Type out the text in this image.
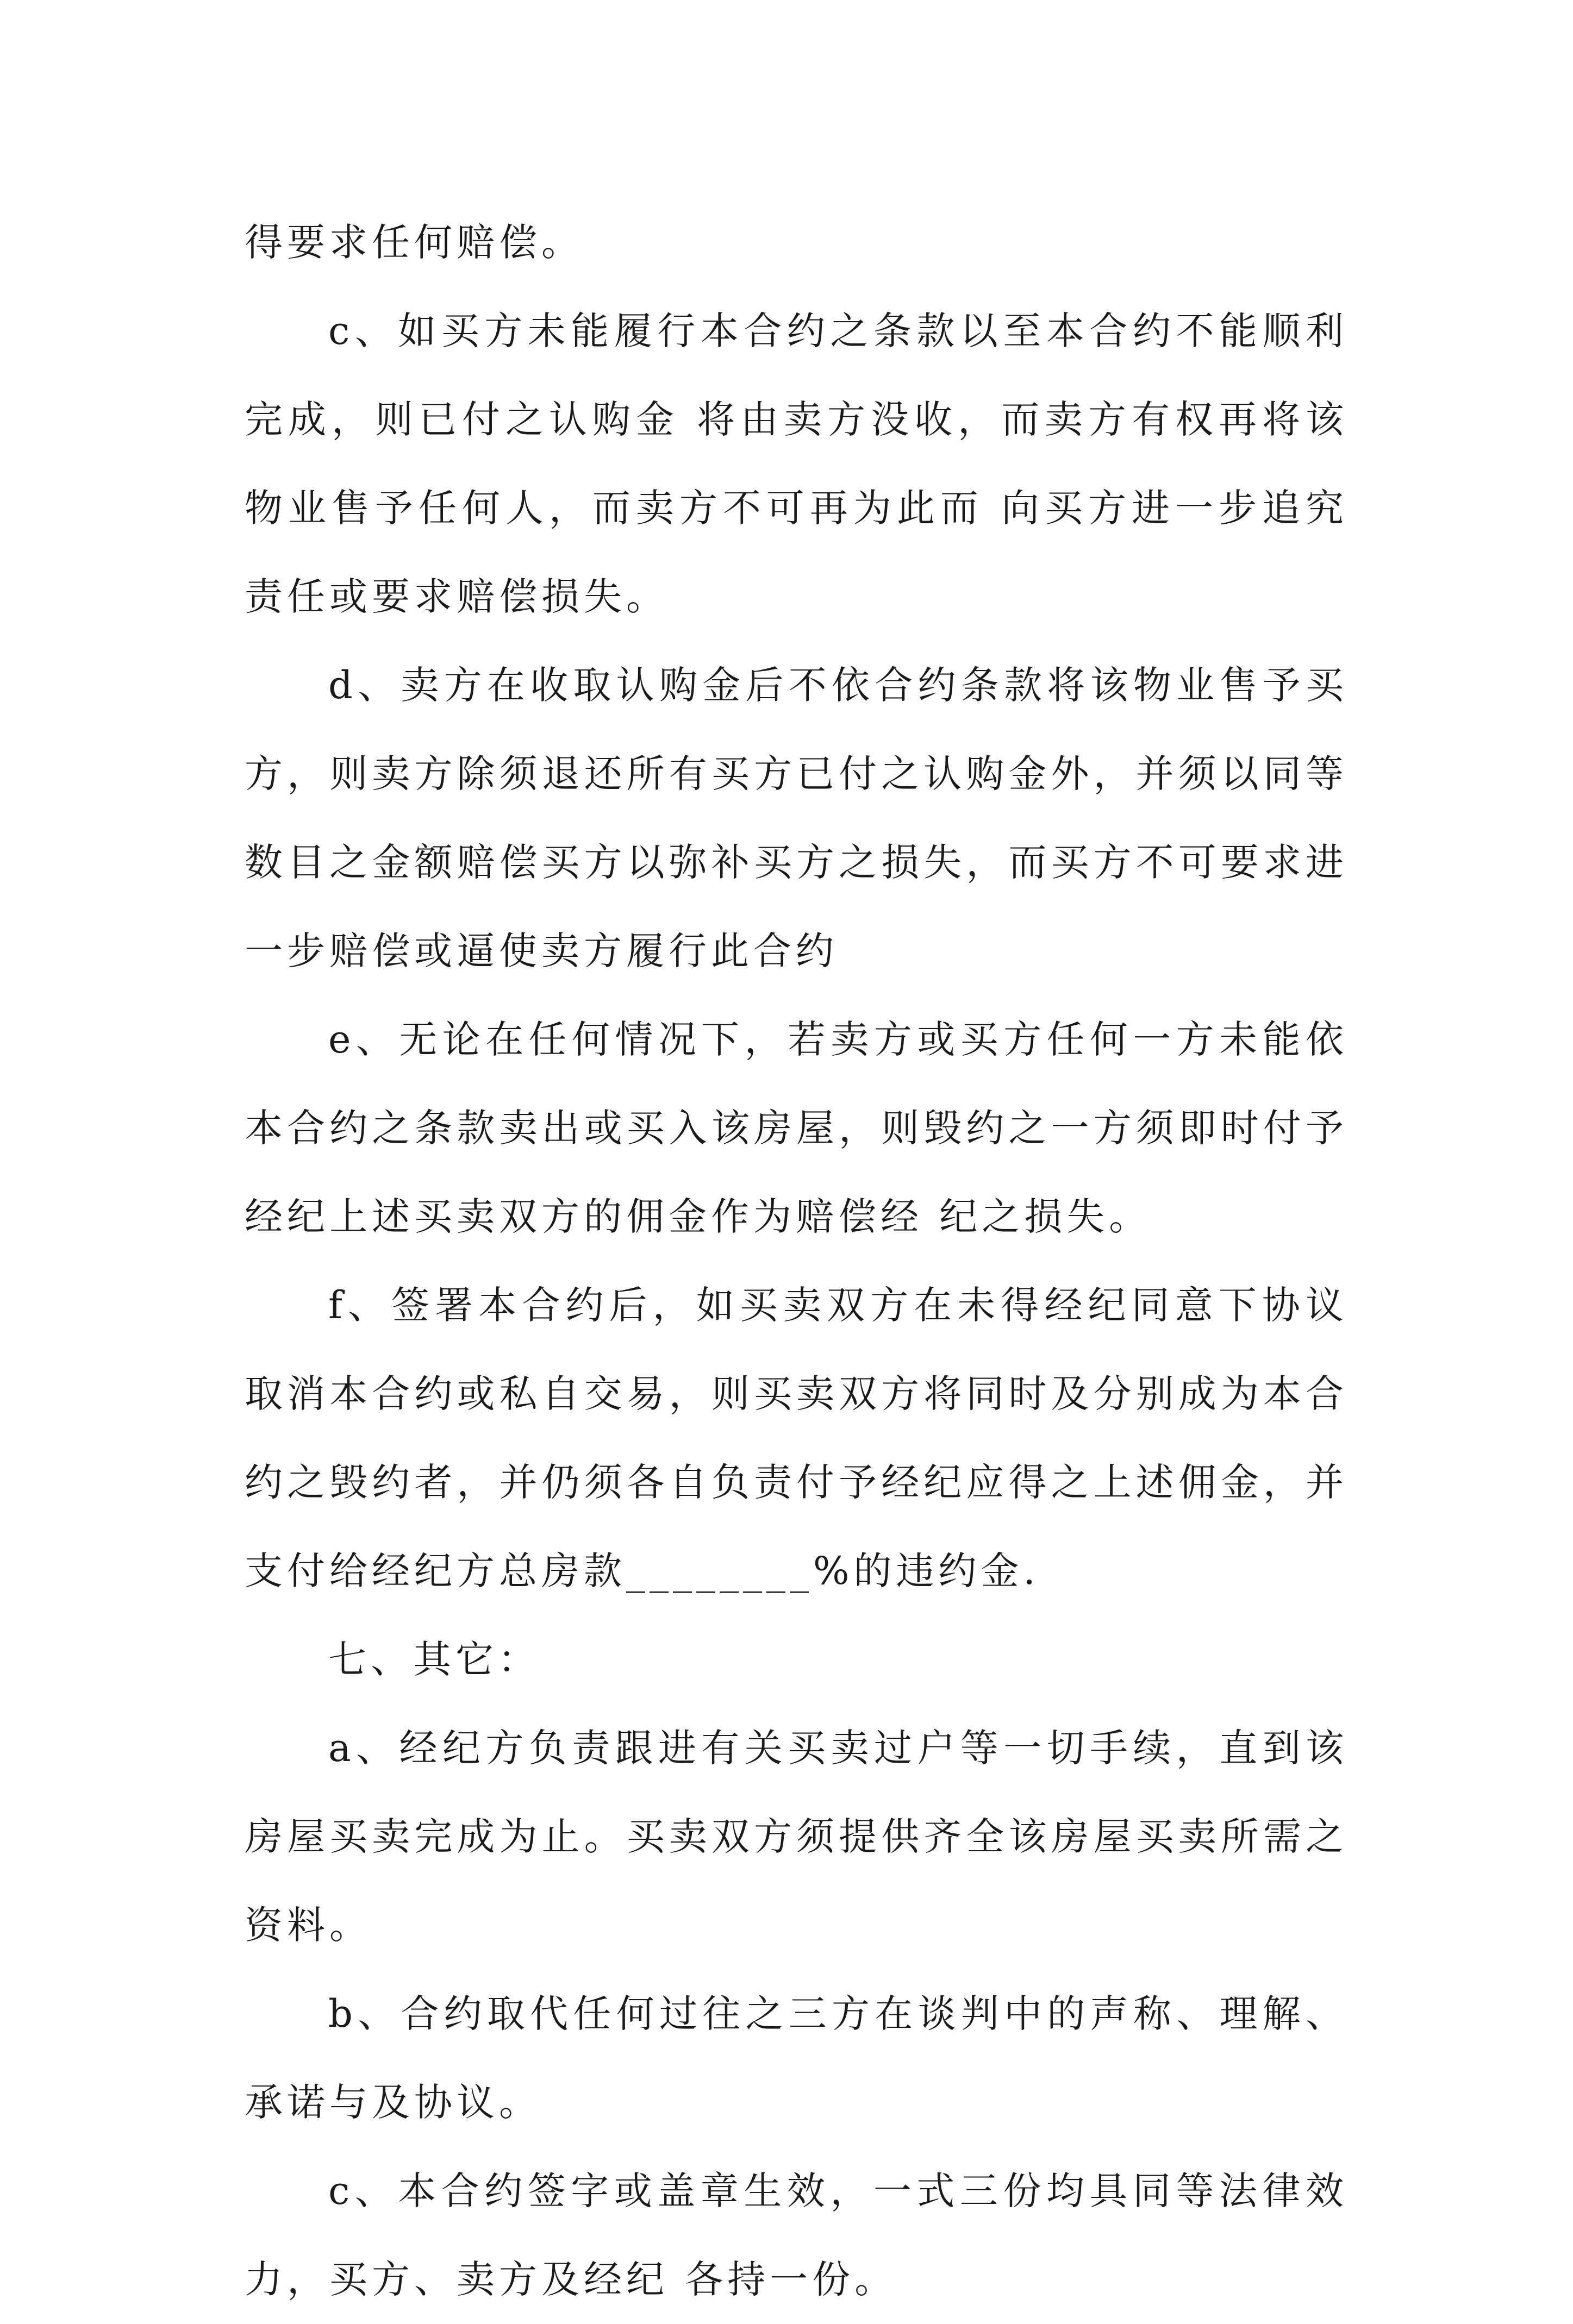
得要求任何赔偿。

c、如买方未能履行本合约之条款以至本合约不能顺利完成，则已付之认购金 将由卖方没收，而卖方有权再将该物业售予任何人，而卖方不可再为此而 向买方进一步追究责任或要求赔偿损失。

d、卖方在收取认购金后不依合约条款将该物业售予买方，则卖方除须退还所有买方已付之认购金外，并须以同等数目之金额赔偿买方以弥补买方之损失，而买方不可要求进一步赔偿或逼使卖方履行此合约

e、无论在任何情况下，若卖方或买方任何一方未能依本合约之条款卖出或买入该房屋，则毁约之一方须即时付予经纪上述买卖双方的佣金作为赔偿经 纪之损失。

f、签署本合约后，如买卖双方在未得经纪同意下协议取消本合约或私自交易，则买卖双方将同时及分别成为本合约之毁约者，并仍须各自负责付予经纪应得之上述佣金，并支付给经纪方总房款________%的违约金.

七、其它：

a、经纪方负责跟进有关买卖过户等一切手续，直到该房屋买卖完成为止。买卖双方须提供齐全该房屋买卖所需之资料。

b、合约取代任何过往之三方在谈判中的声称、理解、承诺与及协议。

c、本合约签字或盖章生效，一式三份均具同等法律效力，买方、卖方及经纪 各持一份。
